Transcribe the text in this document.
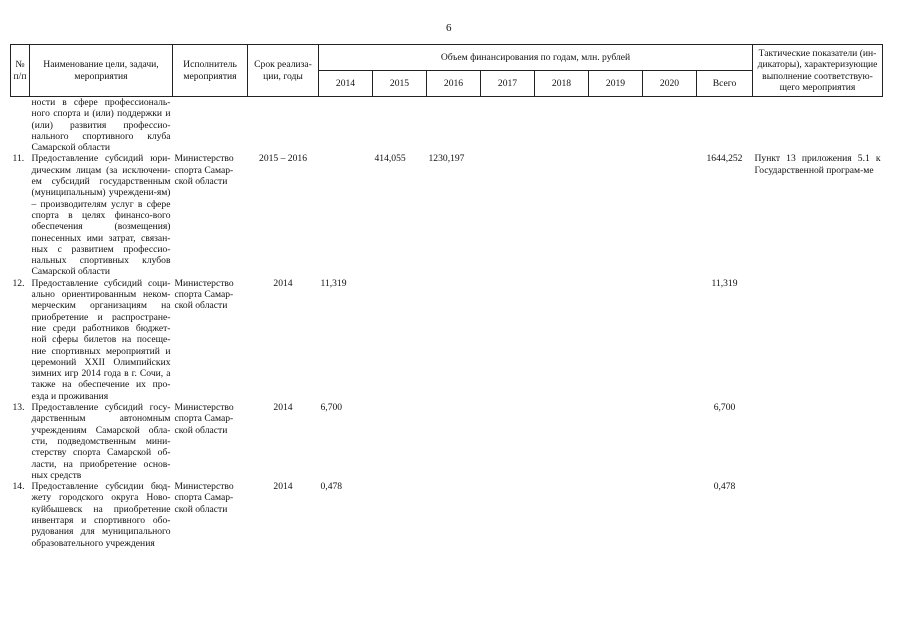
6
№ п/п	Наименование цели, задачи, мероприятия	Исполнитель мероприятия	Срок реализа-ции, годы	Объем финансирования по годам, млн. рублей								Тактические показатели (ин-дикаторы), характеризующие выполнение соответствую-щего мероприятия
				2014	2015	2016	2017	2018	2019	2020	Всего	
	ности в сфере профессиональ-ного спорта и (или) поддержки и (или) развития профессио-нального спортивного клуба Самарской области											
11.	Предоставление субсидий юри-дическим лицам (за исключени-ем субсидий государственным (муниципальным) учреждени-ям) – производителям услуг в сфере спорта в целях финансо-вого обеспечения (возмещения) понесенных ими затрат, связан-ных с развитием профессио-нальных спортивных клубов Самарской области	Министерство спорта Самар-ской области	2015 – 2016		414,055	1230,197					1644,252	Пункт 13 приложения 5.1 к Государственной програм-ме
12.	Предоставление субсидий соци-ально ориентированным неком-мерческим организациям на приобретение и распростране-ние среди работников бюджет-ной сферы билетов на посеще-ние спортивных мероприятий и церемоний XXII Олимпийских зимних игр 2014 года в г. Сочи, а также на обеспечение их про-езда и проживания	Министерство спорта Самар-ской области	2014	11,319							11,319	
13.	Предоставление субсидий госу-дарственным автономным учреждениям Самарской обла-сти, подведомственным мини-стерству спорта Самарской об-ласти, на приобретение основ-ных средств	Министерство спорта Самар-ской области	2014	6,700							6,700	
14.	Предоставление субсидии бюд-жету городского округа Ново-куйбышевск на приобретение инвентаря и спортивного обо-рудования для муниципального образовательного учреждения	Министерство спорта Самар-ской области	2014	0,478							0,478	
